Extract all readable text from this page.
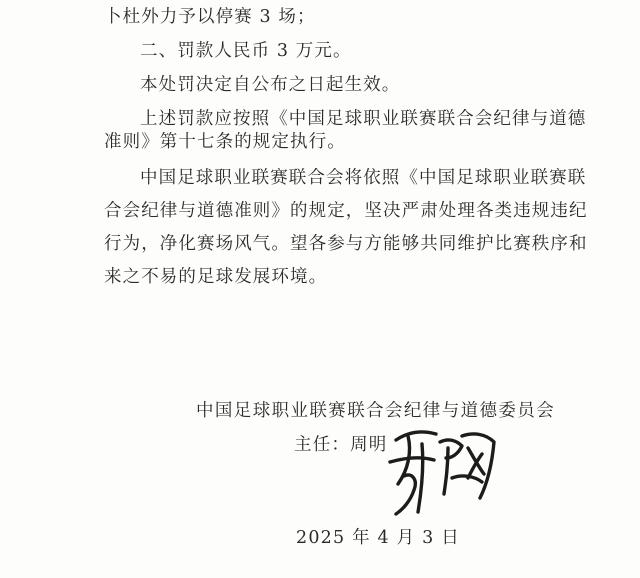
卜杜外力予以停赛 3 场；
二、罚款人民币 3 万元。
本处罚决定自公布之日起生效。
上述罚款应按照《中国足球职业联赛联合会纪律与道德
准则》第十七条的规定执行。
中国足球职业联赛联合会将依照《中国足球职业联赛联
合会纪律与道德准则》的规定，坚决严肃处理各类违规违纪
行为，净化赛场风气。望各参与方能够共同维护比赛秩序和
来之不易的足球发展环境。
中国足球职业联赛联合会纪律与道德委员会
主任：周明
2025 年 4 月 3 日
